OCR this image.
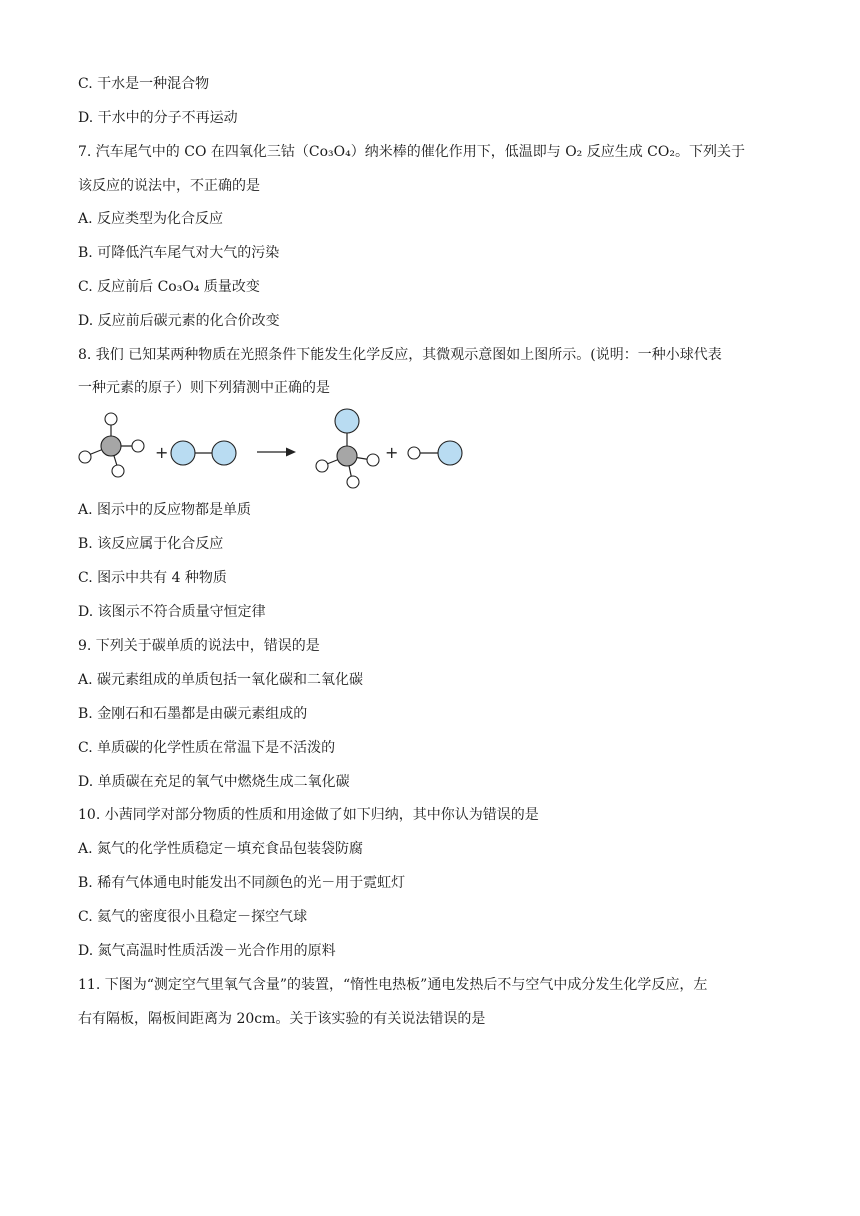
C. 干水是一种混合物
D. 干水中的分子不再运动
7. 汽车尾气中的 CO 在四氧化三钴（Co₃O₄）纳米棒的催化作用下，低温即与 O₂ 反应生成 CO₂。下列关于
该反应的说法中，不正确的是
A. 反应类型为化合反应
B. 可降低汽车尾气对大气的污染
C. 反应前后 Co₃O₄ 质量改变
D. 反应前后碳元素的化合价改变
8. 我们 已知某两种物质在光照条件下能发生化学反应，其微观示意图如上图所示。(说明：一种小球代表
一种元素的原子）则下列猜测中正确的是
+	+
A. 图示中的反应物都是单质
B. 该反应属于化合反应
C. 图示中共有 4 种物质
D. 该图示不符合质量守恒定律
9. 下列关于碳单质的说法中，错误的是
A. 碳元素组成的单质包括一氧化碳和二氧化碳
B. 金刚石和石墨都是由碳元素组成的
C. 单质碳的化学性质在常温下是不活泼的
D. 单质碳在充足的氧气中燃烧生成二氧化碳
10. 小茜同学对部分物质的性质和用途做了如下归纳，其中你认为错误的是
A. 氮气的化学性质稳定－填充食品包装袋防腐
B. 稀有气体通电时能发出不同颜色的光－用于霓虹灯
C. 氦气的密度很小且稳定－探空气球
D. 氮气高温时性质活泼－光合作用的原料
11. 下图为“测定空气里氧气含量”的装置，“惰性电热板”通电发热后不与空气中成分发生化学反应，左
右有隔板，隔板间距离为 20cm。关于该实验的有关说法错误的是
